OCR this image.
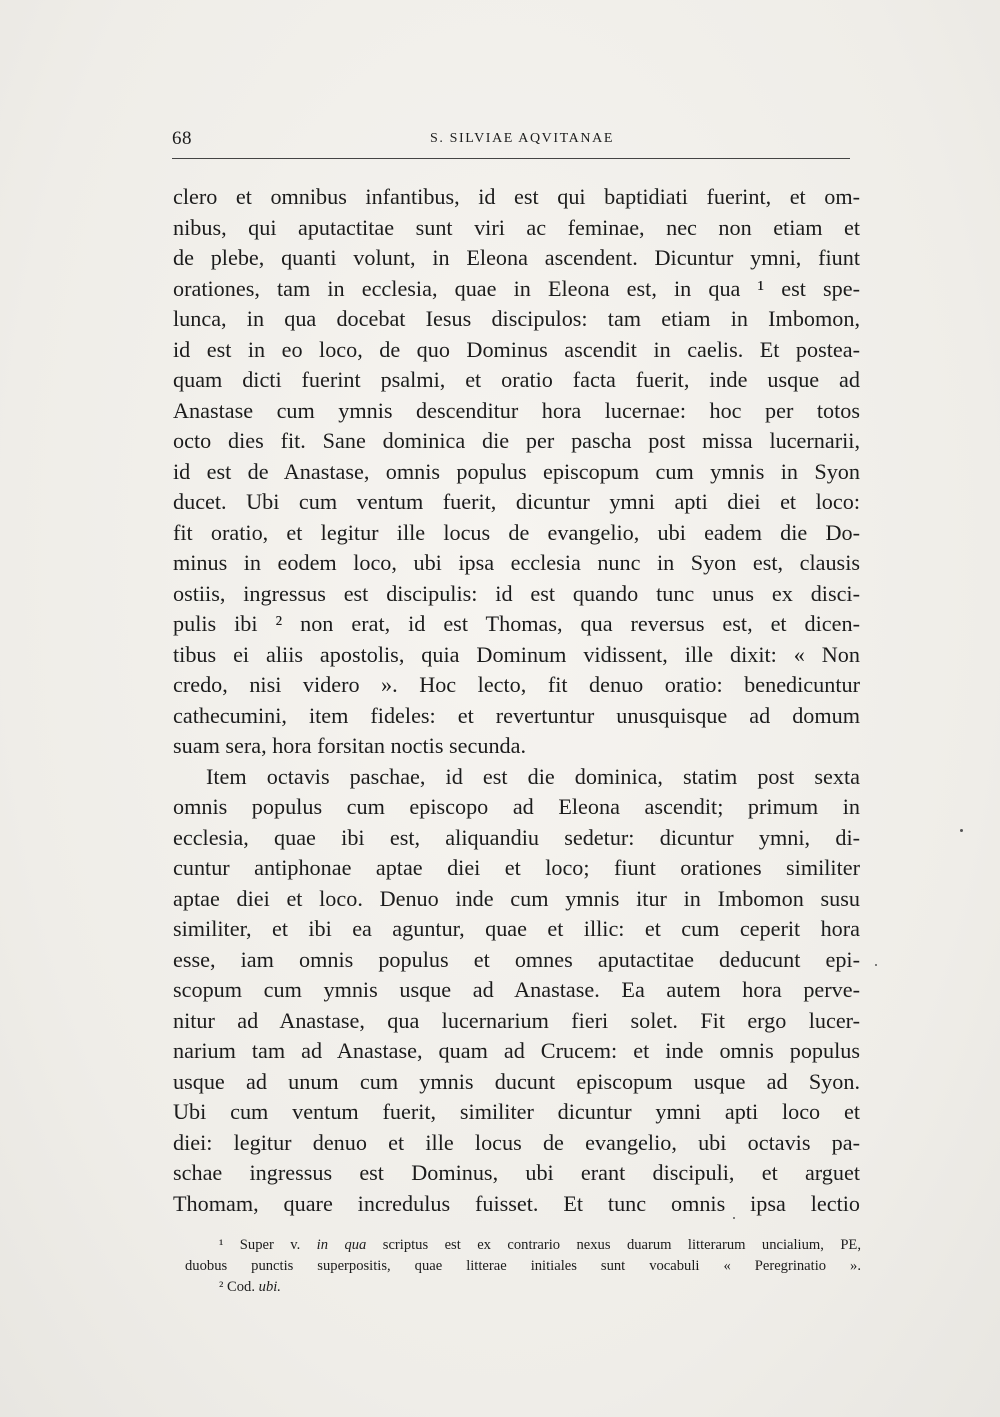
68	S. SILVIAE AQVITANAE
clero et omnibus infantibus, id est qui baptidiati fuerint, et om-
nibus, qui aputactitae sunt viri ac feminae, nec non etiam et
de plebe, quanti volunt, in Eleona ascendent. Dicuntur ymni, fiunt
orationes, tam in ecclesia, quae in Eleona est, in qua ¹ est spe-
lunca, in qua docebat Iesus discipulos: tam etiam in Imbomon,
id est in eo loco, de quo Dominus ascendit in caelis. Et postea-
quam dicti fuerint psalmi, et oratio facta fuerit, inde usque ad
Anastase cum ymnis descenditur hora lucernae: hoc per totos
octo dies fit. Sane dominica die per pascha post missa lucernarii,
id est de Anastase, omnis populus episcopum cum ymnis in Syon
ducet. Ubi cum ventum fuerit, dicuntur ymni apti diei et loco:
fit oratio, et legitur ille locus de evangelio, ubi eadem die Do-
minus in eodem loco, ubi ipsa ecclesia nunc in Syon est, clausis
ostiis, ingressus est discipulis: id est quando tunc unus ex disci-
pulis ibi ² non erat, id est Thomas, qua reversus est, et dicen-
tibus ei aliis apostolis, quia Dominum vidissent, ille dixit: « Non
credo, nisi videro ». Hoc lecto, fit denuo oratio: benedicuntur
cathecumini, item fideles: et revertuntur unusquisque ad domum
suam sera, hora forsitan noctis secunda.
Item octavis paschae, id est die dominica, statim post sexta
omnis populus cum episcopo ad Eleona ascendit; primum in
ecclesia, quae ibi est, aliquandiu sedetur: dicuntur ymni, di-
cuntur antiphonae aptae diei et loco; fiunt orationes similiter
aptae diei et loco. Denuo inde cum ymnis itur in Imbomon susu
similiter, et ibi ea aguntur, quae et illic: et cum ceperit hora
esse, iam omnis populus et omnes aputactitae deducunt epi-
scopum cum ymnis usque ad Anastase. Ea autem hora perve-
nitur ad Anastase, qua lucernarium fieri solet. Fit ergo lucer-
narium tam ad Anastase, quam ad Crucem: et inde omnis populus
usque ad unum cum ymnis ducunt episcopum usque ad Syon.
Ubi cum ventum fuerit, similiter dicuntur ymni apti loco et
diei: legitur denuo et ille locus de evangelio, ubi octavis pa-
schae ingressus est Dominus, ubi erant discipuli, et arguet
Thomam, quare incredulus fuisset. Et tunc omnis ipsa lectio
¹ Super v. in qua scriptus est ex contrario nexus duarum litterarum uncialium, PE,
duobus punctis superpositis, quae litterae initiales sunt vocabuli « Peregrinatio ».
² Cod. ubi.
